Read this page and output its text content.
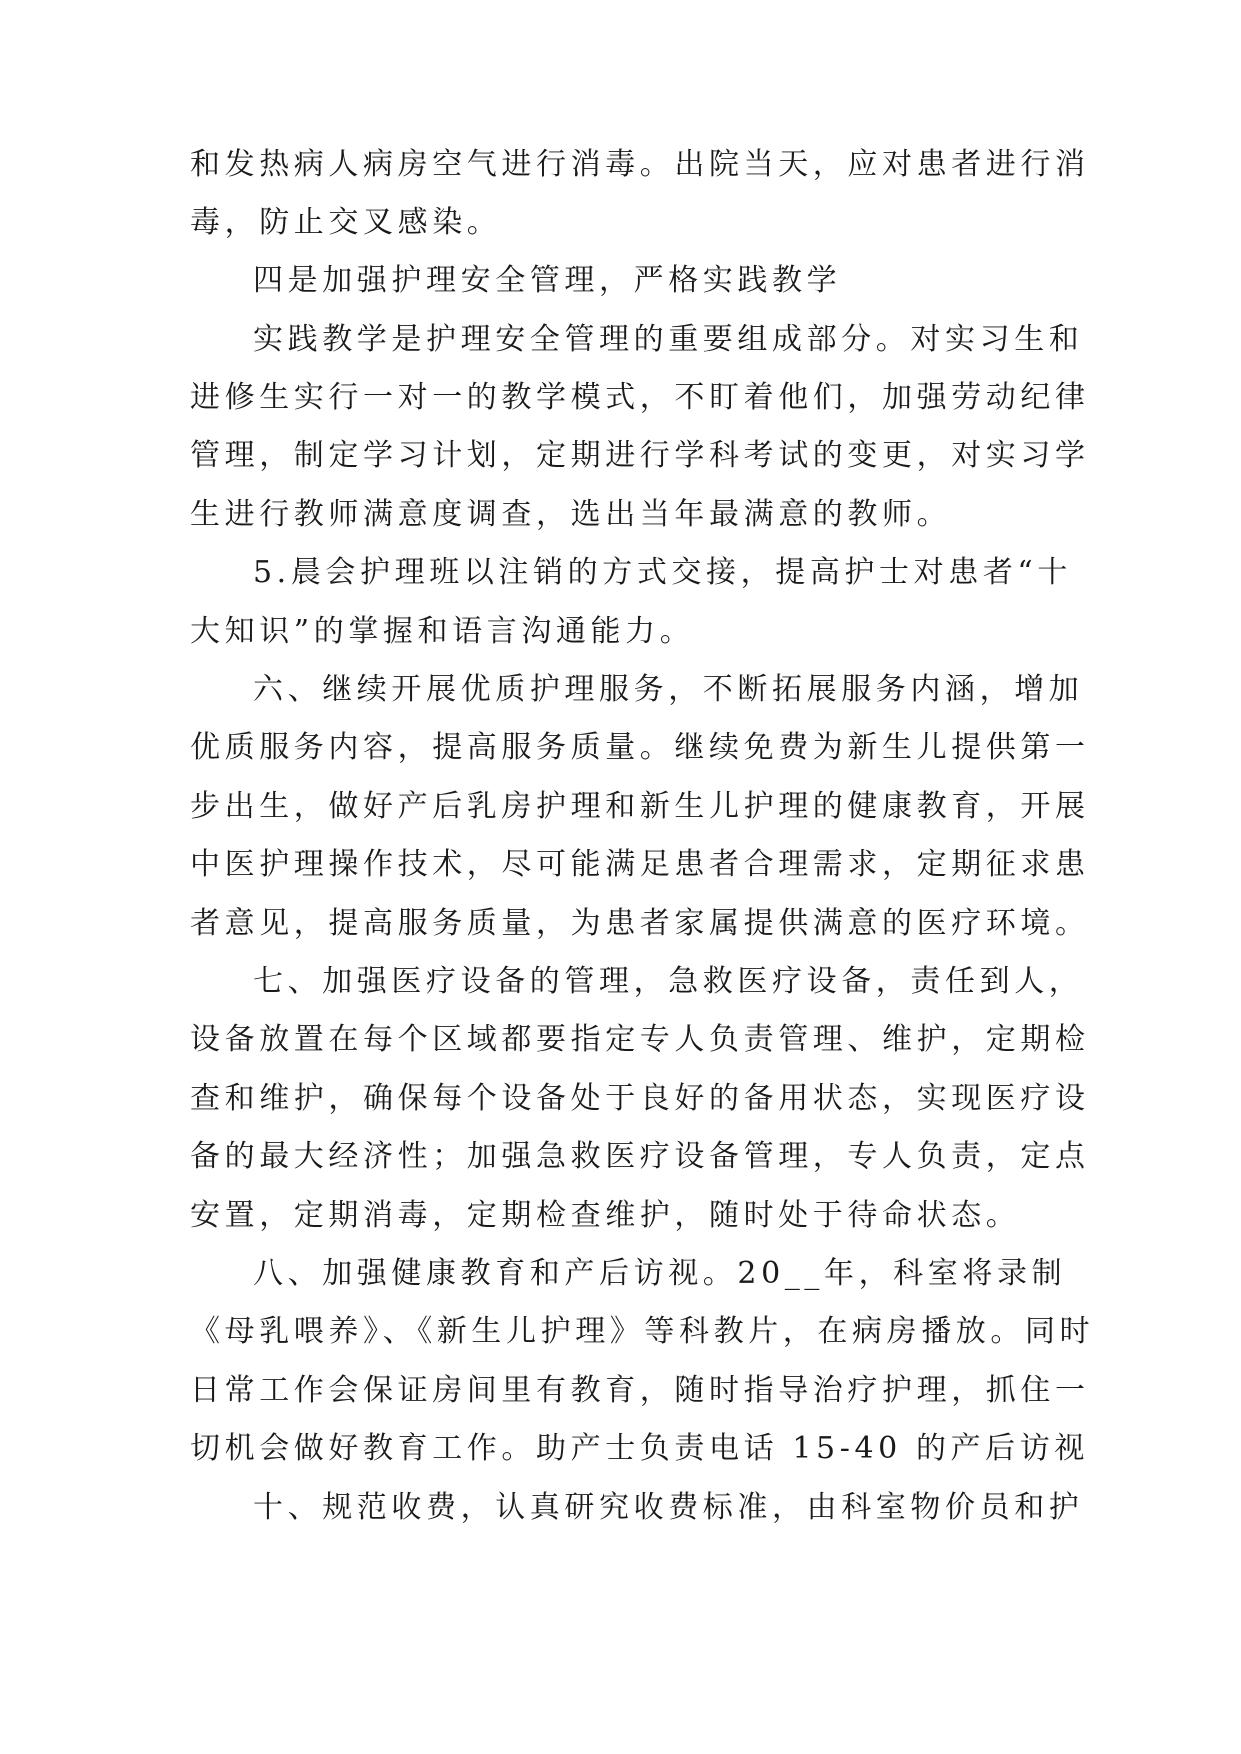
和发热病人病房空气进行消毒。出院当天，应对患者进行消
毒，防止交叉感染。
四是加强护理安全管理，严格实践教学
实践教学是护理安全管理的重要组成部分。对实习生和
进修生实行一对一的教学模式，不盯着他们，加强劳动纪律
管理，制定学习计划，定期进行学科考试的变更，对实习学
生进行教师满意度调查，选出当年最满意的教师。
5.晨会护理班以注销的方式交接，提高护士对患者“十
大知识”的掌握和语言沟通能力。
六、继续开展优质护理服务，不断拓展服务内涵，增加
优质服务内容，提高服务质量。继续免费为新生儿提供第一
步出生，做好产后乳房护理和新生儿护理的健康教育，开展
中医护理操作技术，尽可能满足患者合理需求，定期征求患
者意见，提高服务质量，为患者家属提供满意的医疗环境。
七、加强医疗设备的管理，急救医疗设备，责任到人，
设备放置在每个区域都要指定专人负责管理、维护，定期检
查和维护，确保每个设备处于良好的备用状态，实现医疗设
备的最大经济性；加强急救医疗设备管理，专人负责，定点
安置，定期消毒，定期检查维护，随时处于待命状态。
八、加强健康教育和产后访视。20__年，科室将录制
《母乳喂养》、《新生儿护理》等科教片，在病房播放。同时
日常工作会保证房间里有教育，随时指导治疗护理，抓住一
切机会做好教育工作。助产士负责电话 15-40 的产后访视
十、规范收费，认真研究收费标准，由科室物价员和护
